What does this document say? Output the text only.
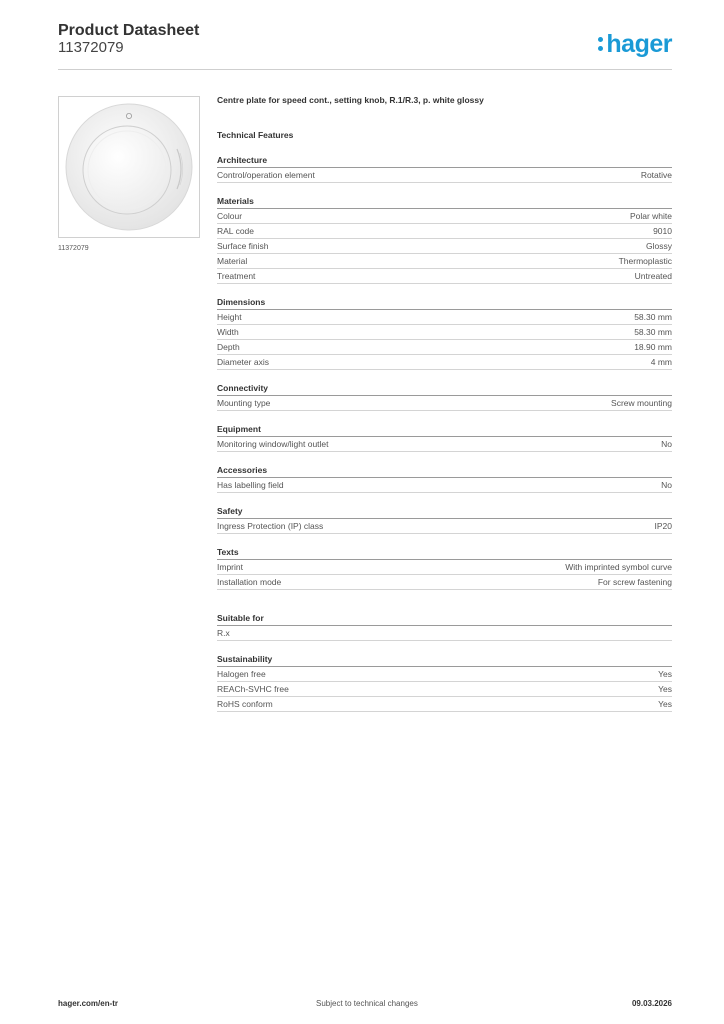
Product Datasheet
11372079	hager
11372079
Centre plate for speed cont., setting knob, R.1/R.3, p. white glossy
Technical Features
Architecture
Control/operation element	Rotative
Materials
Colour	Polar white
RAL code	9010
Surface finish	Glossy
Material	Thermoplastic
Treatment	Untreated
Dimensions
Height	58.30 mm
Width	58.30 mm
Depth	18.90 mm
Diameter axis	4 mm
Connectivity
Mounting type	Screw mounting
Equipment
Monitoring window/light outlet	No
Accessories
Has labelling field	No
Safety
Ingress Protection (IP) class	IP20
Texts
Imprint	With imprinted symbol curve
Installation mode	For screw fastening
Suitable for
R.x
Sustainability
Halogen free	Yes
REACh-SVHC free	Yes
RoHS conform	Yes
hager.com/en-tr	Subject to technical changes	09.03.2026
